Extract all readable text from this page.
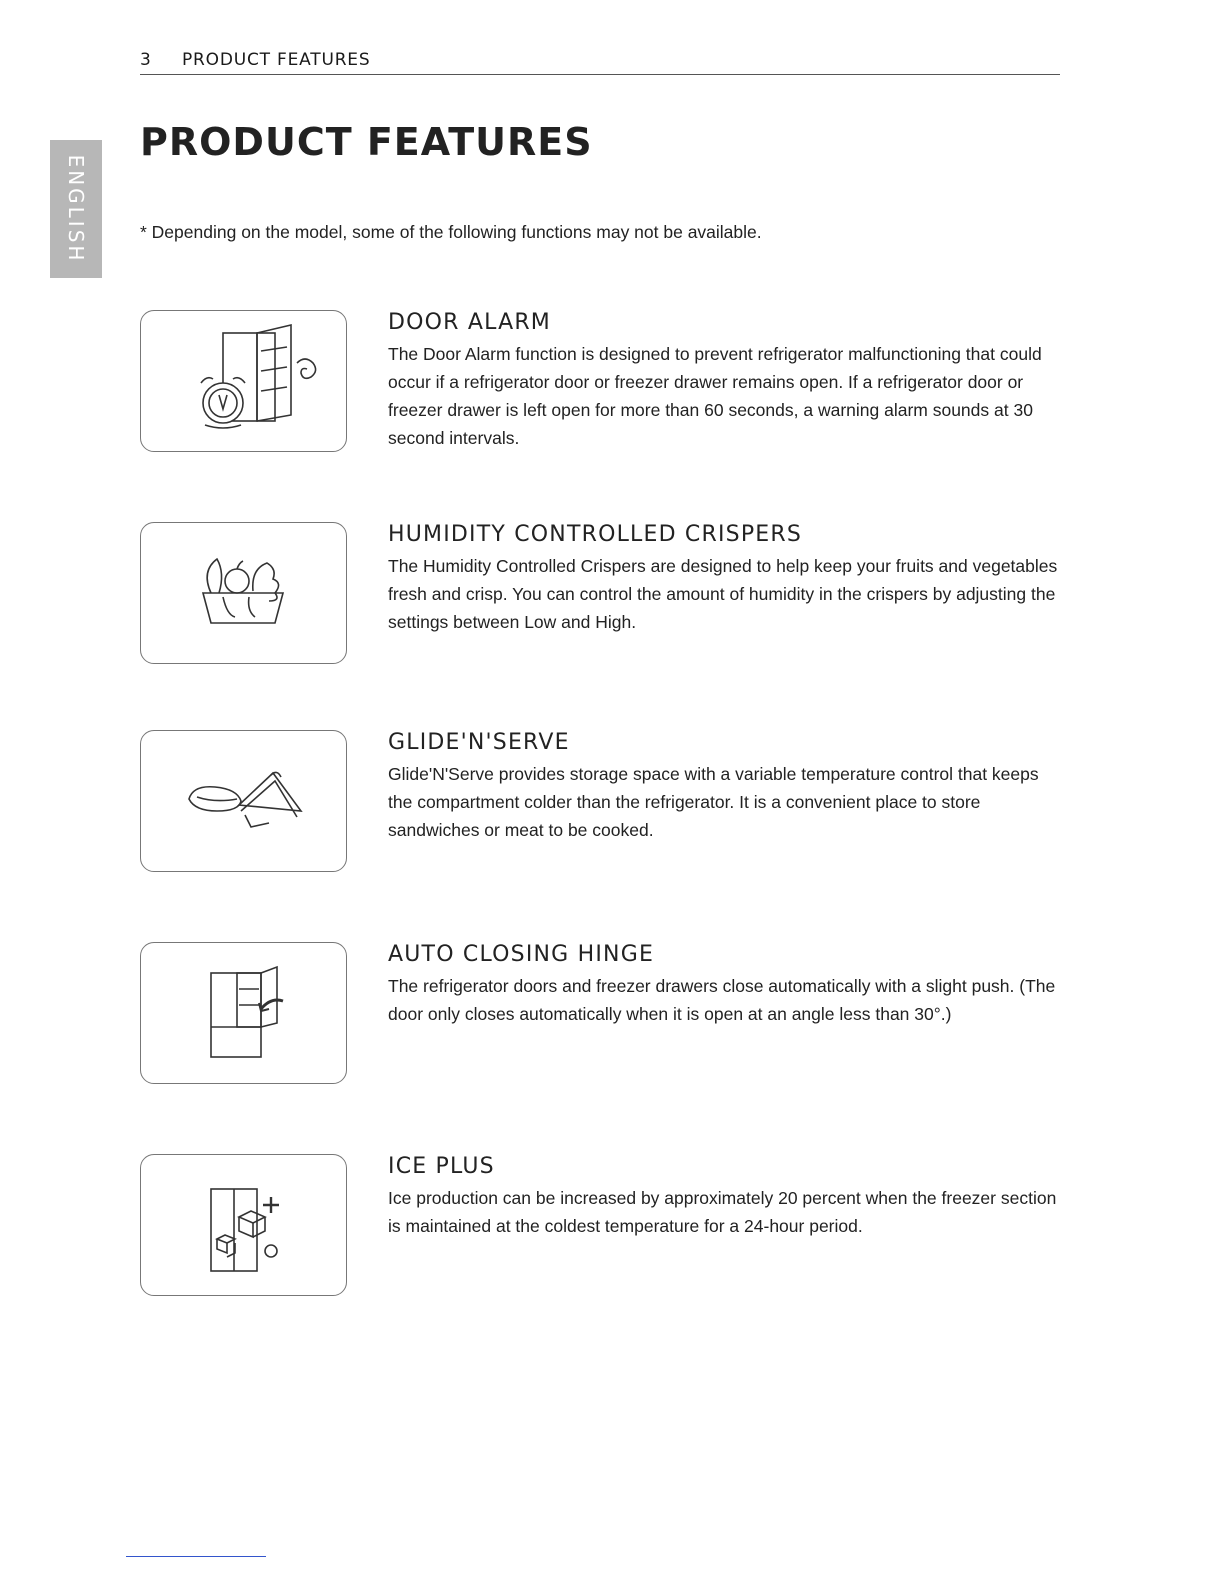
3 PRODUCT FEATURES
ENGLISH
PRODUCT FEATURES
* Depending on the model, some of the following functions may not be available.
DOOR ALARM

The Door Alarm function is designed to prevent refrigerator malfunctioning that could occur if a refrigerator door or freezer drawer remains open. If a refrigerator door or freezer drawer is left open for more than 60 seconds, a warning alarm sounds at 30 second intervals.

HUMIDITY CONTROLLED CRISPERS

The Humidity Controlled Crispers are designed to help keep your fruits and vegetables fresh and crisp. You can control the amount of humidity in the crispers by adjusting the settings between Low and High.

GLIDE'N'SERVE

Glide'N'Serve provides storage space with a variable temperature control that keeps the compartment colder than the refrigerator. It is a convenient place to store sandwiches or meat to be cooked.

AUTO CLOSING HINGE

The refrigerator doors and freezer drawers close automatically with a slight push. (The door only closes automatically when it is open at an angle less than 30°.)

ICE PLUS

Ice production can be increased by approximately 20 percent when the freezer section is maintained at the coldest temperature for a 24-hour period.
